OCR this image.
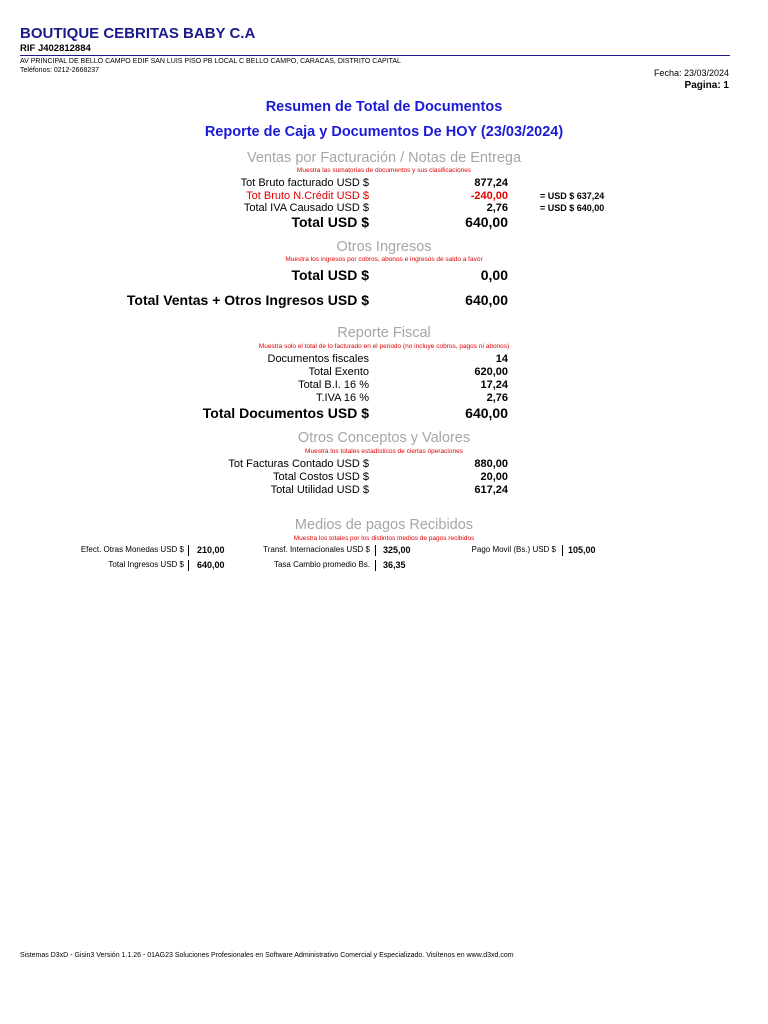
BOUTIQUE CEBRITAS BABY C.A
RIF J402812884
AV PRINCIPAL DE BELLO CAMPO EDIF SAN LUIS PISO PB LOCAL C BELLO CAMPO, CARACAS, DISTRITO CAPITAL
Teléfonos: 0212-2668237	Fecha: 23/03/2024
Pagina: 1
Resumen de Total de Documentos
Reporte de Caja y Documentos De HOY (23/03/2024)
Ventas por Facturación / Notas de Entrega
Muestra las sumatorias de documentos y sus clasificaciones
Tot Bruto facturado USD $	877,24
Tot Bruto N.Crédit USD $	-240,00	= USD $ 637,24
Total IVA Causado USD $	2,76	= USD $ 640,00
Total USD $	640,00
Otros Ingresos
Muestra los ingresos por cobros, abonos e ingresos de saldo a favor
Total USD $	0,00
Total Ventas + Otros Ingresos USD $	640,00
Reporte Fiscal
Muestra solo el total de lo facturado en el periodo (no incluye cobros, pagos ni abonos)
Documentos fiscales	14
Total Exento	620,00
Total B.I. 16 %	17,24
T.IVA 16 %	2,76
Total Documentos USD $	640,00
Otros Conceptos y Valores
Muestra los totales estadísticos de ciertas operaciones
Tot Facturas Contado USD $	880,00
Total Costos USD $	20,00
Total Utilidad USD $	617,24
Medios de pagos Recibidos
Muestra los totales por los distintos medios de pagos recibidos
Efect. Otras Monedas USD $ 210,00	Transf. Internacionales USD $ 325,00	Pago Movil (Bs.) USD $ 105,00
Total Ingresos USD $ 640,00	Tasa Cambio promedio Bs. 36,35
Sistemas D3xD - Gisin3 Versión 1.1.26 - 01AG23 Soluciones Profesionales en Software Administrativo Comercial y Especializado. Visítenos en www.d3xd.com
